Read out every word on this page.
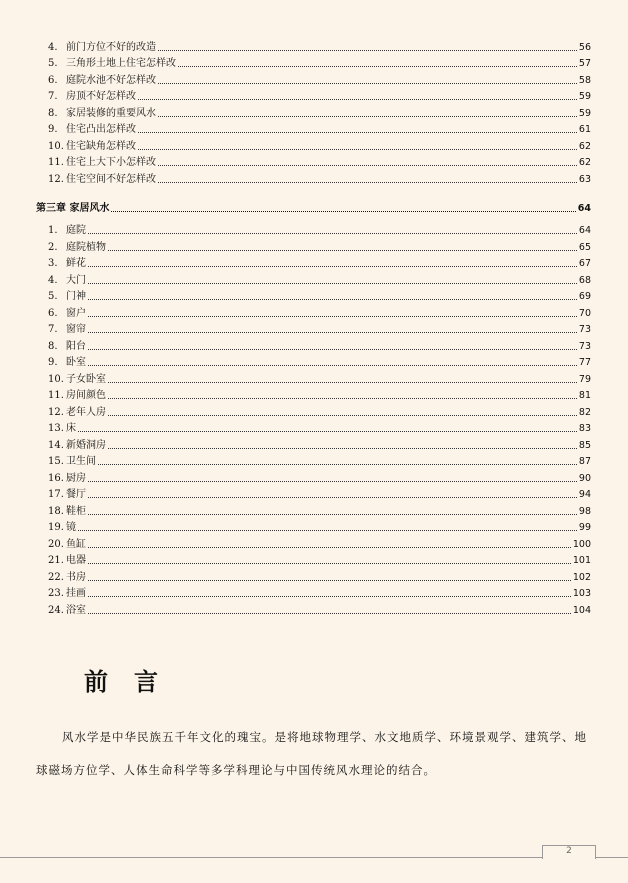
4. 前门方位不好的改造	56
5. 三角形土地上住宅怎样改	57
6. 庭院水池不好怎样改	58
7. 房顶不好怎样改	59
8. 家居装修的重要风水	59
9. 住宅凸出怎样改	61
10. 住宅缺角怎样改	62
11. 住宅上大下小怎样改	62
12. 住宅空间不好怎样改	63
第三章 家居风水	64
1. 庭院	64
2. 庭院植物	65
3. 鲜花	67
4. 大门	68
5. 门神	69
6. 窗户	70
7. 窗帘	73
8. 阳台	73
9. 卧室	77
10. 子女卧室	79
11. 房间颜色	81
12. 老年人房	82
13. 床	83
14. 新婚洞房	85
15. 卫生间	87
16. 厨房	90
17. 餐厅	94
18. 鞋柜	98
19. 镜	99
20. 鱼缸	100
21. 电器	101
22. 书房	102
23. 挂画	103
24. 浴室	104
前言
风水学是中华民族五千年文化的瑰宝。是将地球物理学、水文地质学、环境景观学、建筑学、地球磁场方位学、人体生命科学等多学科理论与中国传统风水理论的结合。
2
